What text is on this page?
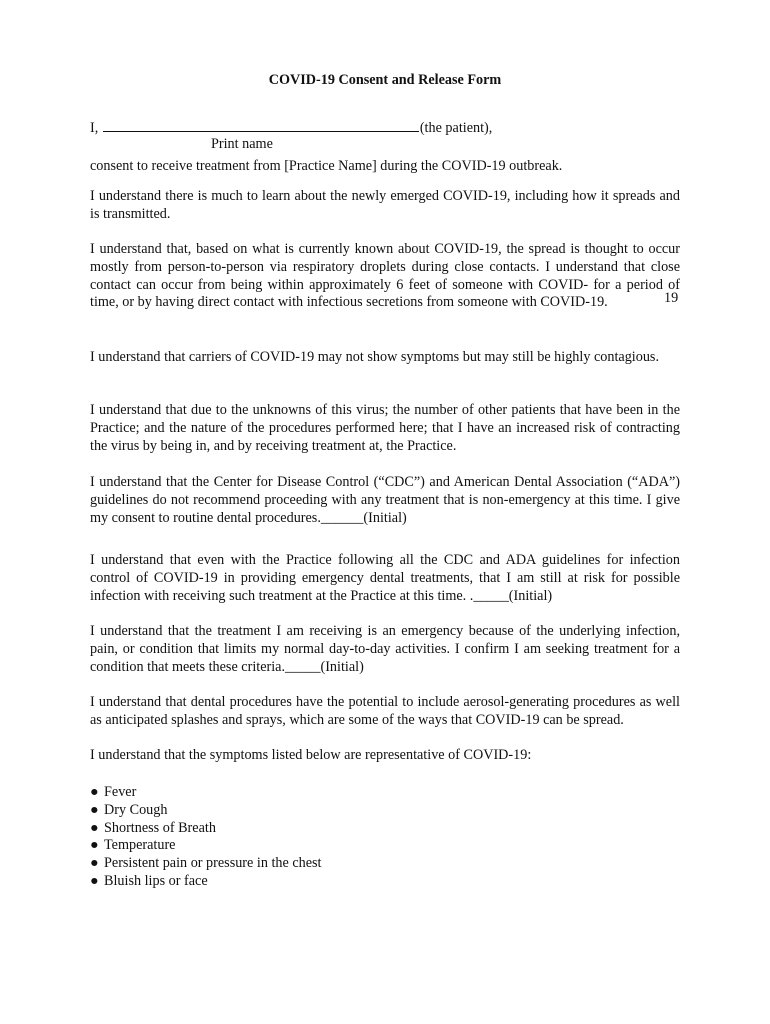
COVID-19 Consent and Release Form
I,	(the patient),
Print name

consent to receive treatment from [Practice Name] during the COVID-19 outbreak.

I understand there is much to learn about the newly emerged COVID-19, including how it spreads and is transmitted.

I understand that, based on what is currently known about COVID-19, the spread is thought to occur mostly from person-to-person via respiratory droplets during close contacts. I understand that close contact can occur from being within approximately 6 feet of someone with COVID- for a period of time, or by having direct contact with infectious secretions from someone with COVID-19.	19

I understand that carriers of COVID-19 may not show symptoms but may still be highly contagious.

I understand that due to the unknowns of this virus; the number of other patients that have been in the Practice; and the nature of the procedures performed here; that I have an increased risk of contracting the virus by being in, and by receiving treatment at, the Practice.

I understand that the Center for Disease Control (“CDC”) and American Dental Association (“ADA”) guidelines do not recommend proceeding with any treatment that is non-emergency at this time. I give my consent to routine dental procedures.______(Initial)

I understand that even with the Practice following all the CDC and ADA guidelines for infection control of COVID-19 in providing emergency dental treatments, that I am still at risk for possible infection with receiving such treatment at the Practice at this time. ._____(Initial)

I understand that the treatment I am receiving is an emergency because of the underlying infection, pain, or condition that limits my normal day-to-day activities. I confirm I am seeking treatment for a condition that meets these criteria._____(Initial)

I understand that dental procedures have the potential to include aerosol-generating procedures as well as anticipated splashes and sprays, which are some of the ways that COVID-19 can be spread.

I understand that the symptoms listed below are representative of COVID-19:

● Fever
● Dry Cough
● Shortness of Breath
● Temperature
● Persistent pain or pressure in the chest
● Bluish lips or face
